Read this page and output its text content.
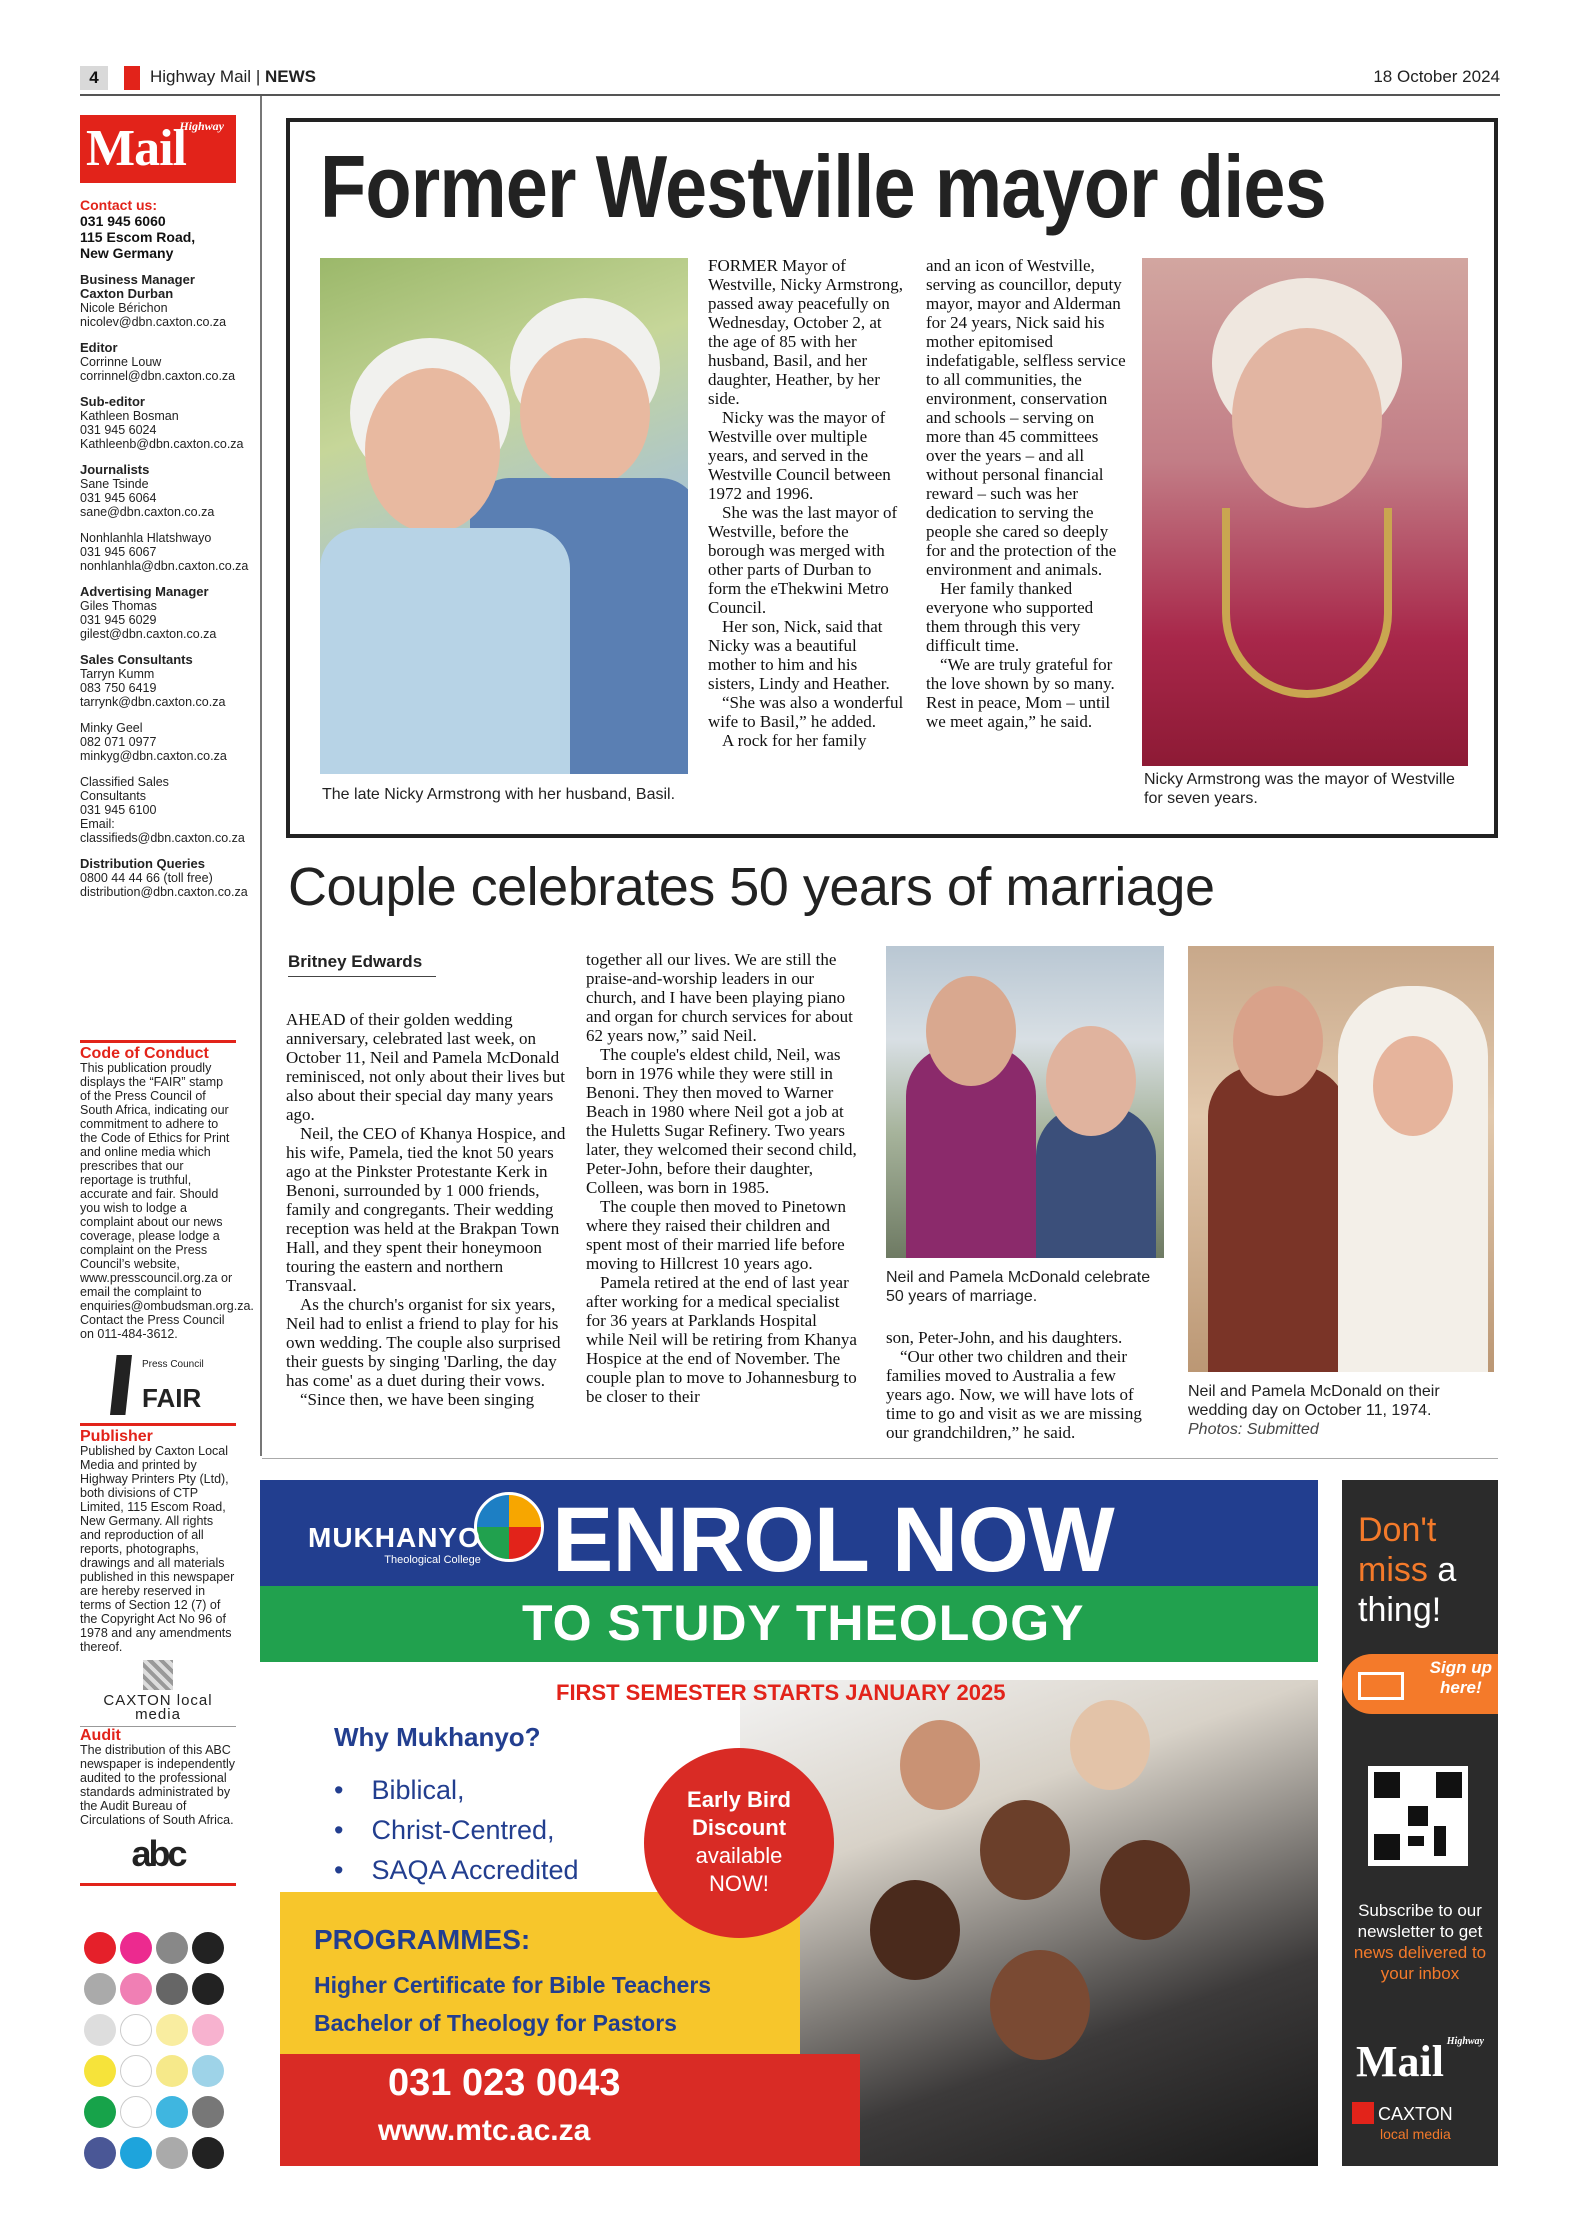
4	Highway Mail | NEWS	18 October 2024
Highway
Mail
Contact us:
031 945 6060
115 Escom Road,
New Germany
Business Manager
Caxton Durban
Nicole Bérichon
nicolev@dbn.caxton.co.za
Editor
Corrinne Louw
corrinnel@dbn.caxton.co.za
Sub-editor
Kathleen Bosman
031 945 6024
Kathleenb@dbn.caxton.co.za
Journalists
Sane Tsinde
031 945 6064
sane@dbn.caxton.co.za
Nonhlanhla Hlatshwayo
031 945 6067
nonhlanhla@dbn.caxton.co.za
Advertising Manager
Giles Thomas
031 945 6029
gilest@dbn.caxton.co.za
Sales Consultants
Tarryn Kumm
083 750 6419
tarrynk@dbn.caxton.co.za
Minky Geel
082 071 0977
minkyg@dbn.caxton.co.za
Classified Sales Consultants
031 945 6100
Email: classifieds@dbn.caxton.co.za
Distribution Queries
0800 44 44 66 (toll free)
distribution@dbn.caxton.co.za
Code of Conduct
This publication proudly displays the “FAIR” stamp of the Press Council of South Africa, indicating our commitment to adhere to the Code of Ethics for Print and online media which prescribes that our reportage is truthful, accurate and fair. Should you wish to lodge a complaint about our news coverage, please lodge a complaint on the Press Council’s website, www.presscouncil.org.za or email the complaint to enquiries@ombudsman.org.za. Contact the Press Council on 011-484-3612.
Press Council
FAIR
Publisher
Published by Caxton Local Media and printed by Highway Printers Pty (Ltd), both divisions of CTP Limited, 115 Escom Road, New Germany. All rights and reproduction of all reports, photographs, drawings and all materials published in this newspaper are hereby reserved in terms of Section 12 (7) of the Copyright Act No 96 of 1978 and any amendments thereof.
CAXTON local media
Audit
The distribution of this ABC newspaper is independently audited to the professional standards administrated by the Audit Bureau of Circulations of South Africa.
abc

Former Westville mayor dies
The late Nicky Armstrong with her husband, Basil.

FORMER Mayor of Westville, Nicky Armstrong, passed away peacefully on Wednesday, October 2, at the age of 85 with her husband, Basil, and her daughter, Heather, by her side.

Nicky was the mayor of Westville over multiple years, and served in the Westville Council between 1972 and 1996.

She was the last mayor of Westville, before the borough was merged with other parts of Durban to form the eThekwini Metro Council.

Her son, Nick, said that Nicky was a beautiful mother to him and his sisters, Lindy and Heather.

“She was also a wonderful wife to Basil,” he added.

A rock for her family

and an icon of Westville, serving as councillor, deputy mayor, mayor and Alderman for 24 years, Nick said his mother epitomised indefatigable, selfless service to all communities, the environment, conservation and schools – serving on more than 45 committees over the years – and all without personal financial reward – such was her dedication to serving the people she cared so deeply for and the protection of the environment and animals.

Her family thanked everyone who supported them through this very difficult time.

“We are truly grateful for the love shown by so many. Rest in peace, Mom – until we meet again,” he said.

Nicky Armstrong was the mayor of Westville for seven years.
Couple celebrates 50 years of marriage
Britney Edwards

AHEAD of their golden wedding anniversary, celebrated last week, on October 11, Neil and Pamela McDonald reminisced, not only about their lives but also about their special day many years ago.

Neil, the CEO of Khanya Hospice, and his wife, Pamela, tied the knot 50 years ago at the Pinkster Protestante Kerk in Benoni, surrounded by 1 000 friends, family and congregants. Their wedding reception was held at the Brakpan Town Hall, and they spent their honeymoon touring the eastern and northern Transvaal.

As the church's organist for six years, Neil had to enlist a friend to play for his own wedding. The couple also surprised their guests by singing 'Darling, the day has come' as a duet during their vows.

“Since then, we have been singing

together all our lives. We are still the praise-and-worship leaders in our church, and I have been playing piano and organ for church services for about 62 years now,” said Neil.

The couple's eldest child, Neil, was born in 1976 while they were still in Benoni. They then moved to Warner Beach in 1980 where Neil got a job at the Huletts Sugar Refinery. Two years later, they welcomed their second child, Peter-John, before their daughter, Colleen, was born in 1985.

The couple then moved to Pinetown where they raised their children and spent most of their married life before moving to Hillcrest 10 years ago.

Pamela retired at the end of last year after working for a medical specialist for 36 years at Parklands Hospital while Neil will be retiring from Khanya Hospice at the end of November. The couple plan to move to Johannesburg to be closer to their

son, Peter-John, and his daughters.

“Our other two children and their families moved to Australia a few years ago. Now, we will have lots of time to go and visit as we are missing our grandchildren,” he said.

Neil and Pamela McDonald celebrate 50 years of marriage.
Neil and Pamela McDonald on their wedding day on October 11, 1974.
Photos: Submitted
MUKHANYO
Theological College ENROL NOW
TO STUDY THEOLOGY
FIRST SEMESTER STARTS JANUARY 2025
Why Mukhanyo?
• Biblical,
• Christ-Centred,
• SAQA Accredited
Early Bird
Discount
available
NOW!
PROGRAMMES:
Higher Certificate for Bible Teachers
Bachelor of Theology for Pastors
031 023 0043
www.mtc.ac.za
Don't
miss a
thing!
Sign up
here!
Subscribe to our newsletter to get news delivered to your inbox
Highway
Mail
CAXTON
local media
